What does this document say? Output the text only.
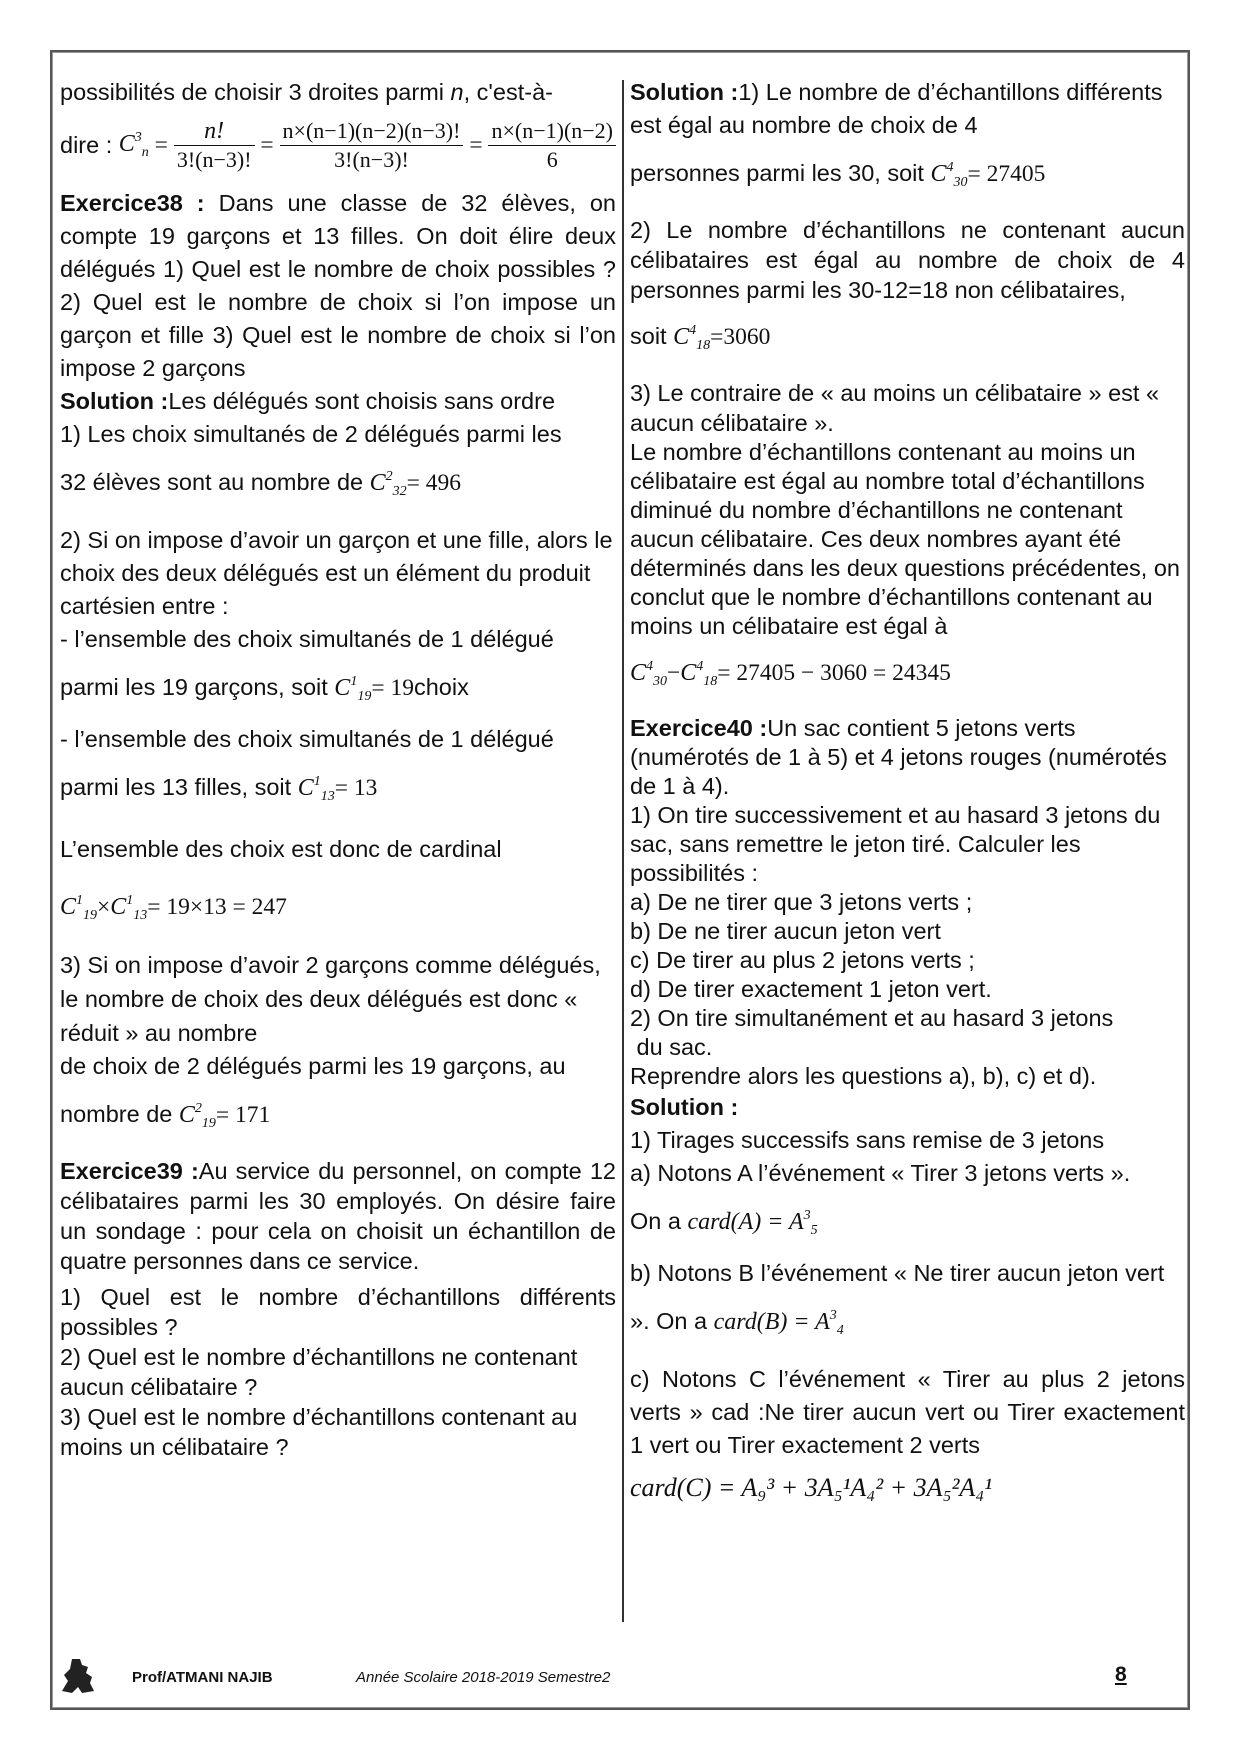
possibilités de choisir 3 droites parmi n, c'est-à-

dire :
$C^3_n = \frac{n!}{3!(n-3)!} = \frac{n\times(n-1)(n-2)(n-3)!}{3!(n-3)!} = \frac{n\times(n-1)(n-2)}{6}$

Exercice38 : Dans une classe de 32 élèves, on compte 19 garçons et 13 filles. On doit élire deux délégués 1) Quel est le nombre de choix possibles ? 2) Quel est le nombre de choix si l’on impose un garçon et fille 3) Quel est le nombre de choix si l’on impose 2 garçons

Solution :Les délégués sont choisis sans ordre

1) Les choix simultanés de 2 délégués parmi les

32 élèves sont au nombre de $C^2_{32}= 496$

2) Si on impose d’avoir un garçon et une fille, alors le choix des deux délégués est un élément du produit cartésien entre :

- l’ensemble des choix simultanés de 1 délégué

parmi les 19 garçons, soit $C^1_{19}=$ 19choix

- l’ensemble des choix simultanés de 1 délégué

parmi les 13 filles, soit $C^1_{13}= 13$

L’ensemble des choix est donc de cardinal

$C^1_{19}\times C^1_{13}= 19\times 13 = 247$

3) Si on impose d’avoir 2 garçons comme délégués, le nombre de choix des deux délégués est donc « réduit » au nombre

de choix de 2 délégués parmi les 19 garçons, au

nombre de $C^2_{19}= 171$

Exercice39 :Au service du personnel, on compte 12 célibataires parmi les 30 employés. On désire faire un sondage : pour cela on choisit un échantillon de quatre personnes dans ce service.

1) Quel est le nombre d’échantillons différents possibles ?

2) Quel est le nombre d’échantillons ne contenant aucun célibataire ?

3) Quel est le nombre d’échantillons contenant au moins un célibataire ?

Solution :1) Le nombre de d’échantillons différents est égal au nombre de choix de 4

personnes parmi les 30, soit $C^4_{30}= 27405$

2) Le nombre d’échantillons ne contenant aucun célibataires est égal au nombre de choix de 4 personnes parmi les 30-12=18 non célibataires,

soit $C^4_{18}=3060$

3) Le contraire de « au moins un célibataire » est « aucun célibataire ».

Le nombre d’échantillons contenant au moins un célibataire est égal au nombre total d’échantillons diminué du nombre d’échantillons ne contenant aucun célibataire. Ces deux nombres ayant été déterminés dans les deux questions précédentes, on conclut que le nombre d’échantillons contenant au moins un célibataire est égal à

$C^4_{30}-C^4_{18}= 27405 - 3060 = 24345$

Exercice40 :Un sac contient 5 jetons verts (numérotés de 1 à 5) et 4 jetons rouges (numérotés de 1 à 4).

1) On tire successivement et au hasard 3 jetons du sac, sans remettre le jeton tiré. Calculer les possibilités :

a) De ne tirer que 3 jetons verts ;

b) De ne tirer aucun jeton vert

c) De tirer au plus 2 jetons verts ;

d) De tirer exactement 1 jeton vert.

2) On tire simultanément et au hasard 3 jetons

du sac.

Reprendre alors les questions a), b), c) et d).

Solution :

1) Tirages successifs sans remise de 3 jetons

a) Notons A l’événement « Tirer 3 jetons verts ».

On a card(A) = $A^3_5$

b) Notons B l’événement « Ne tirer aucun jeton vert

». On a card(B) = $A^3_4$

c) Notons C l’événement « Tirer au plus 2 jetons verts » cad :Ne tirer aucun vert ou Tirer exactement 1 vert ou Tirer exactement 2 verts

card(C) = A₉³ + 3A₅¹A₄² + 3A₅²A₄¹

Prof/ATMANI NAJIB	Année Scolaire 2018-2019 Semestre2	8
